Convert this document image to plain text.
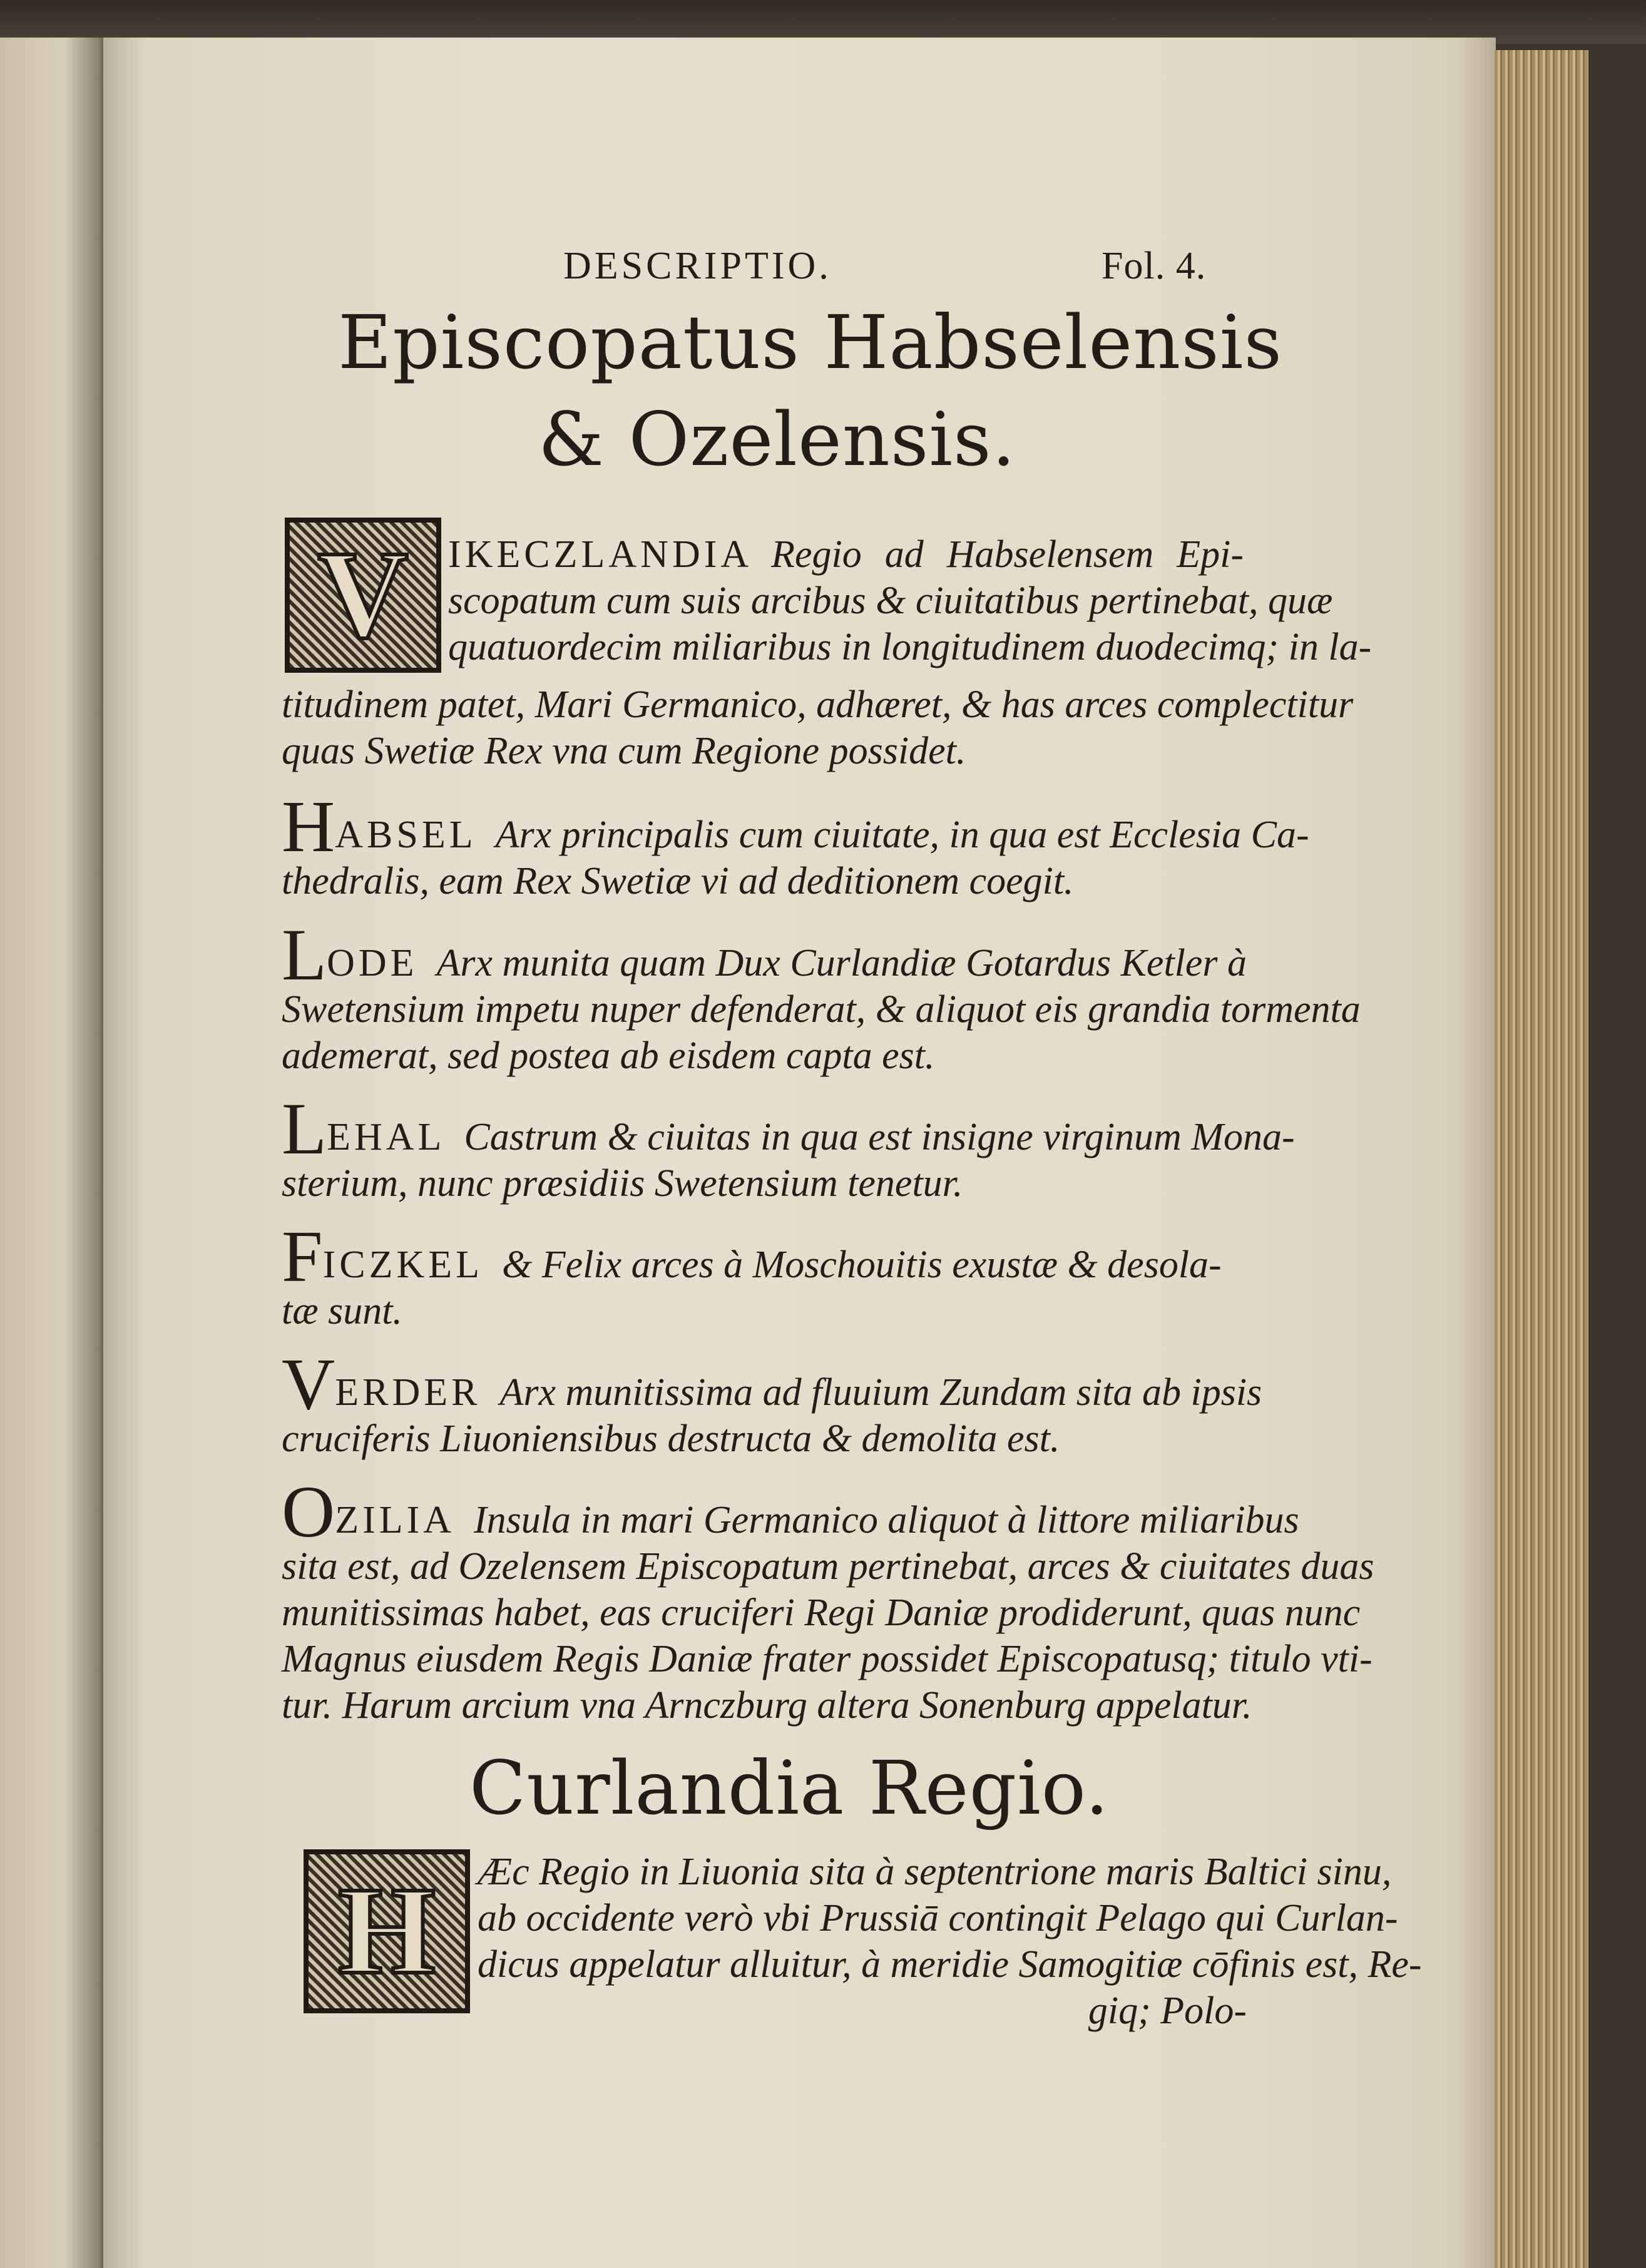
DESCRIPTIO.	Fol. 4.
Episcopatus Habselensis
& Ozelensis.
V IKECZLANDIA Regio ad Habselensem Epi-
scopatum cum suis arcibus & ciuitatibus pertinebat, quæ
quatuordecim miliaribus in longitudinem duodecimq; in la-
titudinem patet, Mari Germanico, adhæret, & has arces complectitur
quas Swetiæ Rex vna cum Regione possidet.
HABSEL Arx principalis cum ciuitate, in qua est Ecclesia Ca-
thedralis, eam Rex Swetiæ vi ad deditionem coegit.
LODE Arx munita quam Dux Curlandiæ Gotardus Ketler à
Swetensium impetu nuper defenderat, & aliquot eis grandia tormenta
ademerat, sed postea ab eisdem capta est.
LEHAL Castrum & ciuitas in qua est insigne virginum Mona-
sterium, nunc præsidiis Swetensium tenetur.
FICZKEL & Felix arces à Moschouitis exustæ & desola-
tæ sunt.
VERDER Arx munitissima ad fluuium Zundam sita ab ipsis
cruciferis Liuoniensibus destructa & demolita est.
OZILIA Insula in mari Germanico aliquot à littore miliaribus
sita est, ad Ozelensem Episcopatum pertinebat, arces & ciuitates duas
munitissimas habet, eas cruciferi Regi Daniæ prodiderunt, quas nunc
Magnus eiusdem Regis Daniæ frater possidet Episcopatusq; titulo vti-
tur. Harum arcium vna Arnczburg altera Sonenburg appelatur.
Curlandia Regio.
H Æc Regio in Liuonia sita à septentrione maris Baltici sinu,
ab occidente verò vbi Prussiā contingit Pelago qui Curlan-
dicus appelatur alluitur, à meridie Samogitiæ cōfinis est, Re-
giq; Polo-
